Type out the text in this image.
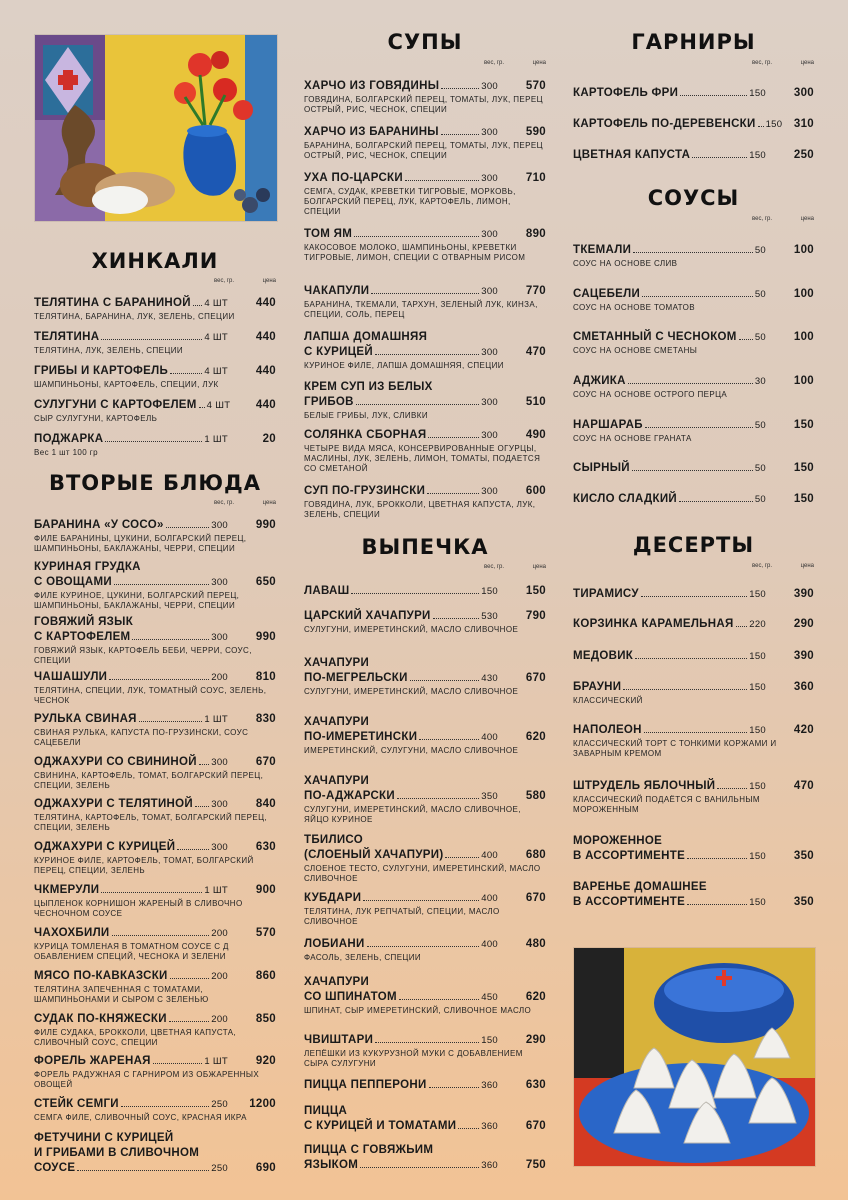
ХИНКАЛИ
вес, гр.	цена
ТЕЛЯТИНА С БАРАНИНОЙ 4 ШТ 440
ТЕЛЯТИНА, БАРАНИНА, ЛУК, ЗЕЛЕНЬ, СПЕЦИИ
ТЕЛЯТИНА	4 ШТ 440
ТЕЛЯТИНА, ЛУК, ЗЕЛЕНЬ, СПЕЦИИ
ГРИБЫ И КАРТОФЕЛЬ	4 ШТ 440
ШАМПИНЬОНЫ, КАРТОФЕЛЬ, СПЕЦИИ, ЛУК
СУЛУГУНИ С КАРТОФЕЛЕМ 4 ШТ 440
СЫР СУЛУГУНИ, КАРТОФЕЛЬ
ПОДЖАРКА	1 ШТ	20
Вес 1 шт 100 гр
ВТОРЫЕ БЛЮДА
вес, гр.	цена
БАРАНИНА «У СОСО»	300 990
ФИЛЕ БАРАНИНЫ, ЦУКИНИ, БОЛГАРСКИЙ ПЕРЕЦ, ШАМПИНЬОНЫ, БАКЛАЖАНЫ, ЧЕРРИ, СПЕЦИИ
КУРИНАЯ ГРУДКА
С ОВОЩАМИ	300 650
ФИЛЕ КУРИНОЕ, ЦУКИНИ, БОЛГАРСКИЙ ПЕРЕЦ, ШАМПИНЬОНЫ, БАКЛАЖАНЫ, ЧЕРРИ, СПЕЦИИ
ГОВЯЖИЙ ЯЗЫК
С КАРТОФЕЛЕМ	300 990
ГОВЯЖИЙ ЯЗЫК, КАРТОФЕЛЬ БЕБИ, ЧЕРРИ, СОУС, СПЕЦИИ
ЧАШАШУЛИ	200 810
ТЕЛЯТИНА, СПЕЦИИ, ЛУК, ТОМАТНЫЙ СОУС, ЗЕЛЕНЬ, ЧЕСНОК
РУЛЬКА СВИНАЯ	1 ШТ 830
СВИНАЯ РУЛЬКА, КАПУСТА ПО-ГРУЗИНСКИ, СОУС САЦЕБЕЛИ
ОДЖАХУРИ СО СВИНИНОЙ 300 670
СВИНИНА, КАРТОФЕЛЬ, ТОМАТ, БОЛГАРСКИЙ ПЕРЕЦ, СПЕЦИИ, ЗЕЛЕНЬ
ОДЖАХУРИ С ТЕЛЯТИНОЙ 300 840
ТЕЛЯТИНА, КАРТОФЕЛЬ, ТОМАТ, БОЛГАРСКИЙ ПЕРЕЦ, СПЕЦИИ, ЗЕЛЕНЬ
ОДЖАХУРИ С КУРИЦЕЙ	300 630
КУРИНОЕ ФИЛЕ, КАРТОФЕЛЬ, ТОМАТ, БОЛГАРСКИЙ ПЕРЕЦ, СПЕЦИИ, ЗЕЛЕНЬ
ЧКМЕРУЛИ	1 ШТ 900
ЦЫПЛЕНОК КОРНИШОН ЖАРЕНЫЙ В СЛИВОЧНО ЧЕСНОЧНОМ СОУСЕ
ЧАХОХБИЛИ	200 570
КУРИЦА ТОМЛЕНАЯ В ТОМАТНОМ СОУСЕ С Д ОБАВЛЕНИЕМ СПЕЦИЙ, ЧЕСНОКА И ЗЕЛЕНИ
МЯСО ПО-КАВКАЗСКИ	200 860
ТЕЛЯТИНА ЗАПЕЧЕННАЯ С ТОМАТАМИ, ШАМПИНЬОНАМИ И СЫРОМ С ЗЕЛЕНЬЮ
СУДАК ПО-КНЯЖЕСКИ	200 850
ФИЛЕ СУДАКА, БРОККОЛИ, ЦВЕТНАЯ КАПУСТА, СЛИВОЧНЫЙ СОУС, СПЕЦИИ
ФОРЕЛЬ ЖАРЕНАЯ	1 ШТ 920
ФОРЕЛЬ РАДУЖНАЯ С ГАРНИРОМ ИЗ ОБЖАРЕННЫХ ОВОЩЕЙ
СТЕЙК СЕМГИ	250 1200
СЕМГА ФИЛЕ, СЛИВОЧНЫЙ СОУС, КРАСНАЯ ИКРА
ФЕТУЧИНИ С КУРИЦЕЙ
И ГРИБАМИ В СЛИВОЧНОМ
СОУСЕ	250 690
СУПЫ
вес, гр.	цена
ХАРЧО ИЗ ГОВЯДИНЫ	300 570
ГОВЯДИНА, БОЛГАРСКИЙ ПЕРЕЦ, ТОМАТЫ, ЛУК, ПЕРЕЦ ОСТРЫЙ, РИС, ЧЕСНОК, СПЕЦИИ
ХАРЧО ИЗ БАРАНИНЫ	300 590
БАРАНИНА, БОЛГАРСКИЙ ПЕРЕЦ, ТОМАТЫ, ЛУК, ПЕРЕЦ ОСТРЫЙ, РИС, ЧЕСНОК, СПЕЦИИ
УХА ПО-ЦАРСКИ	300 710
СЕМГА, СУДАК, КРЕВЕТКИ ТИГРОВЫЕ, МОРКОВЬ, БОЛГАРСКИЙ ПЕРЕЦ, ЛУК, КАРТОФЕЛЬ, ЛИМОН, СПЕЦИИ
ТОМ ЯМ	300 890
КАКОСОВОЕ МОЛОКО, ШАМПИНЬОНЫ, КРЕВЕТКИ ТИГРОВЫЕ, ЛИМОН, СПЕЦИИ С ОТВАРНЫМ РИСОМ
ЧАКАПУЛИ	300 770
БАРАНИНА, ТКЕМАЛИ, ТАРХУН, ЗЕЛЕНЫЙ ЛУК, КИНЗА, СПЕЦИИ, СОЛЬ, ПЕРЕЦ
ЛАПША ДОМАШНЯЯ
С КУРИЦЕЙ	300 470
КУРИНОЕ ФИЛЕ, ЛАПША ДОМАШНЯЯ, СПЕЦИИ
КРЕМ СУП ИЗ БЕЛЫХ
ГРИБОВ	300 510
БЕЛЫЕ ГРИБЫ, ЛУК, СЛИВКИ
СОЛЯНКА СБОРНАЯ	300 490
ЧЕТЫРЕ ВИДА МЯСА, КОНСЕРВИРОВАННЫЕ ОГУРЦЫ, МАСЛИНЫ, ЛУК, ЗЕЛЕНЬ, ЛИМОН, ТОМАТЫ, ПОДАЕТСЯ СО СМЕТАНОЙ
СУП ПО-ГРУЗИНСКИ	300 600
ГОВЯДИНА, ЛУК, БРОККОЛИ, ЦВЕТНАЯ КАПУСТА, ЛУК, ЗЕЛЕНЬ, СПЕЦИИ
ВЫПЕЧКА
вес, гр.	цена
ЛАВАШ	150 150
ЦАРСКИЙ ХАЧАПУРИ	530 790
СУЛУГУНИ, ИМЕРЕТИНСКИЙ, МАСЛО СЛИВОЧНОЕ
ХАЧАПУРИ
ПО-МЕГРЕЛЬСКИ	430 670
СУЛУГУНИ, ИМЕРЕТИНСКИЙ, МАСЛО СЛИВОЧНОЕ
ХАЧАПУРИ
ПО-ИМЕРЕТИНСКИ	400 620
ИМЕРЕТИНСКИЙ, СУЛУГУНИ, МАСЛО СЛИВОЧНОЕ
ХАЧАПУРИ
ПО-АДЖАРСКИ	350 580
СУЛУГУНИ, ИМЕРЕТИНСКИЙ, МАСЛО СЛИВОЧНОЕ, ЯЙЦО КУРИНОЕ
ТБИЛИСО
(СЛОЕНЫЙ ХАЧАПУРИ)	400 680
СЛОЕНОЕ ТЕСТО, СУЛУГУНИ, ИМЕРЕТИНСКИЙ, МАСЛО СЛИВОЧНОЕ
КУБДАРИ	400 670
ТЕЛЯТИНА, ЛУК РЕПЧАТЫЙ, СПЕЦИИ, МАСЛО СЛИВОЧНОЕ
ЛОБИАНИ	400 480
ФАСОЛЬ, ЗЕЛЕНЬ, СПЕЦИИ
ХАЧАПУРИ
СО ШПИНАТОМ	450 620
ШПИНАТ, СЫР ИМЕРЕТИНСКИЙ, СЛИВОЧНОЕ МАСЛО
ЧВИШТАРИ	150 290
ЛЕПЁШКИ ИЗ КУКУРУЗНОЙ МУКИ С ДОБАВЛЕНИЕМ СЫРА СУЛУГУНИ
ПИЦЦА ПЕППЕРОНИ	360 630
ПИЦЦА
С КУРИЦЕЙ И ТОМАТАМИ	360 670
ПИЦЦА С ГОВЯЖЬИМ
ЯЗЫКОМ	360 750
ГАРНИРЫ
вес, гр.	цена
КАРТОФЕЛЬ ФРИ	150 300
КАРТОФЕЛЬ ПО-ДЕРЕВЕНСКИ 150 310
ЦВЕТНАЯ КАПУСТА	150 250
СОУСЫ
вес, гр.	цена
ТКЕМАЛИ	50 100
СОУС НА ОСНОВЕ СЛИВ
САЦЕБЕЛИ	50 100
СОУС НА ОСНОВЕ ТОМАТОВ
СМЕТАННЫЙ С ЧЕСНОКОМ 50 100
СОУС НА ОСНОВЕ СМЕТАНЫ
АДЖИКА	30 100
СОУС НА ОСНОВЕ ОСТРОГО ПЕРЦА
НАРШАРАБ	50 150
СОУС НА ОСНОВЕ ГРАНАТА
СЫРНЫЙ	50 150
КИСЛО СЛАДКИЙ	50 150
ДЕСЕРТЫ
вес, гр.	цена
ТИРАМИСУ	150 390
КОРЗИНКА КАРАМЕЛЬНАЯ 220 290
МЕДОВИК	150 390
БРАУНИ	150 360
КЛАССИЧЕСКИЙ
НАПОЛЕОН	150 420
КЛАССИЧЕСКИЙ ТОРТ С ТОНКИМИ КОРЖАМИ И ЗАВАРНЫМ КРЕМОМ
ШТРУДЕЛЬ ЯБЛОЧНЫЙ	150 470
КЛАССИЧЕСКИЙ ПОДАЁТСЯ С ВАНИЛЬНЫМ МОРОЖЕННЫМ
МОРОЖЕННОЕ
В АССОРТИМЕНТЕ	150 350
ВАРЕНЬЕ ДОМАШНЕЕ
В АССОРТИМЕНТЕ	150 350
